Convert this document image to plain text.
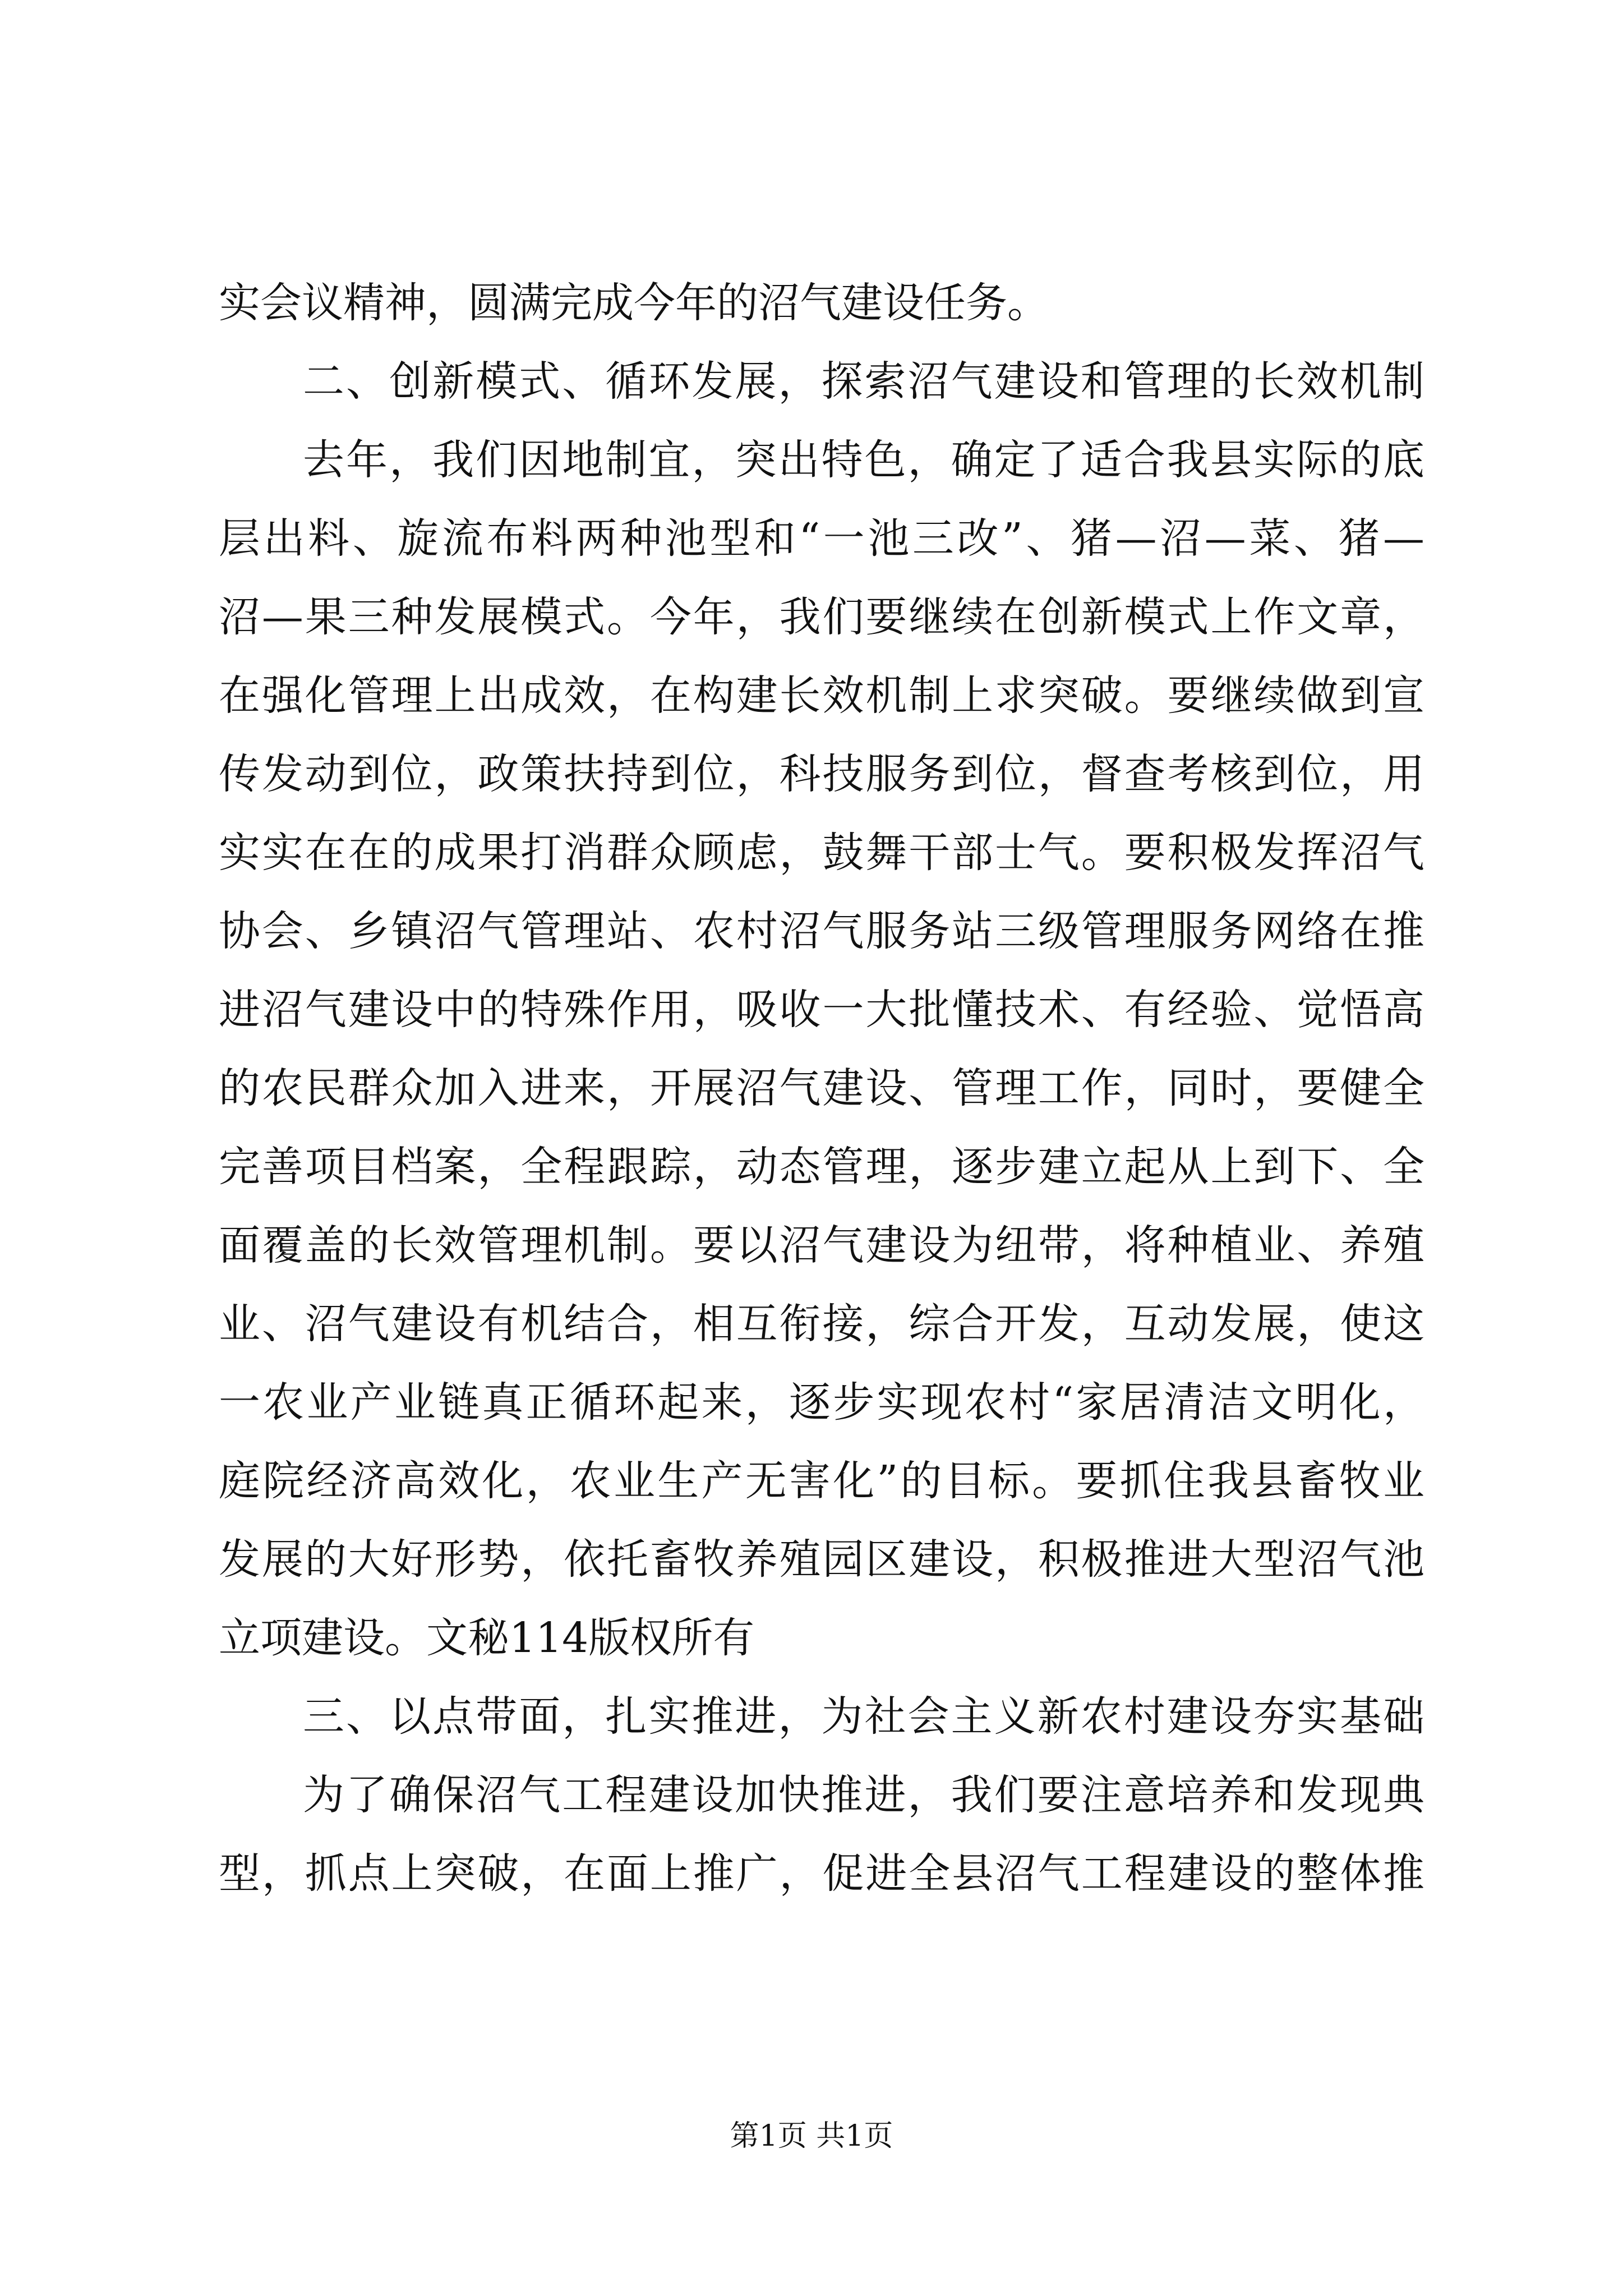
实会议精神，圆满完成今年的沼气建设任务。
二、创新模式、循环发展，探索沼气建设和管理的长效机制
去年，我们因地制宜，突出特色，确定了适合我县实际的底
层出料、旋流布料两种池型和“一池三改”、猪—沼—菜、猪—
沼—果三种发展模式。今年，我们要继续在创新模式上作文章，
在强化管理上出成效，在构建长效机制上求突破。要继续做到宣
传发动到位，政策扶持到位，科技服务到位，督查考核到位，用
实实在在的成果打消群众顾虑，鼓舞干部士气。要积极发挥沼气
协会、乡镇沼气管理站、农村沼气服务站三级管理服务网络在推
进沼气建设中的特殊作用，吸收一大批懂技术、有经验、觉悟高
的农民群众加入进来，开展沼气建设、管理工作，同时，要健全
完善项目档案，全程跟踪，动态管理，逐步建立起从上到下、全
面覆盖的长效管理机制。要以沼气建设为纽带，将种植业、养殖
业、沼气建设有机结合，相互衔接，综合开发，互动发展，使这
一农业产业链真正循环起来，逐步实现农村“家居清洁文明化，
庭院经济高效化，农业生产无害化”的目标。要抓住我县畜牧业
发展的大好形势，依托畜牧养殖园区建设，积极推进大型沼气池
立项建设。文秘114版权所有
三、以点带面，扎实推进，为社会主义新农村建设夯实基础
为了确保沼气工程建设加快推进，我们要注意培养和发现典
型，抓点上突破，在面上推广，促进全县沼气工程建设的整体推
第1页 共1页
